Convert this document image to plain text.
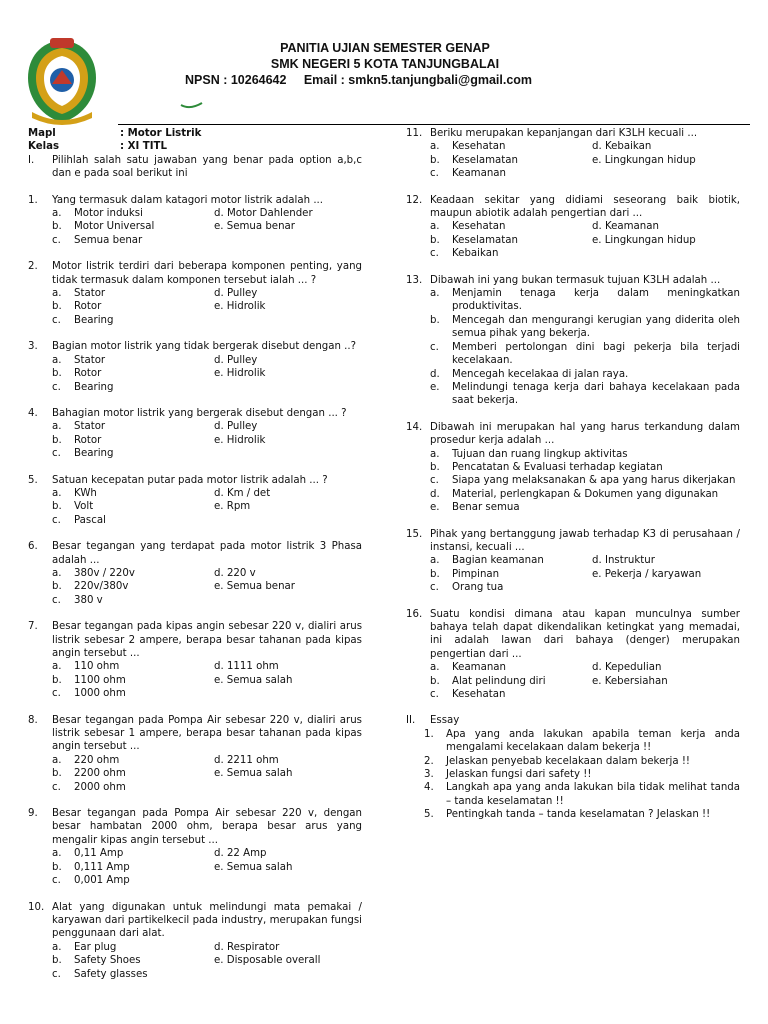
PANITIA UJIAN SEMESTER GENAP
SMK NEGERI 5 KOTA TANJUNGBALAI
NPSN : 10264642     Email : smkn5.tanjungbali@gmail.com
Mapl	: Motor Listrik
Kelas	: XI TITL
I.	Pilihlah salah satu jawaban yang benar pada option a,b,c dan e pada soal berikut ini
1.	Yang termasuk dalam katagori motor listrik adalah ...
a.	Motor induksi	d. Motor Dahlender
b.	Motor Universal	e. Semua benar
c.	Semua benar
2.	Motor listrik terdiri dari beberapa komponen penting, yang tidak termasuk dalam komponen tersebut ialah ... ?
a.	Stator	d. Pulley
b.	Rotor	e. Hidrolik
c.	Bearing
3.	Bagian motor listrik yang tidak bergerak disebut dengan ..?
a.	Stator	d. Pulley
b.	Rotor	e. Hidrolik
c.	Bearing
4.	Bahagian motor listrik yang bergerak disebut dengan ... ?
a.	Stator	d. Pulley
b.	Rotor	e. Hidrolik
c.	Bearing
5.	Satuan kecepatan putar pada motor listrik adalah ... ?
a.	KWh	d. Km / det
b.	Volt	e. Rpm
c.	Pascal
6.	Besar tegangan yang terdapat pada motor listrik 3 Phasa adalah ...
a.	380v / 220v	d. 220 v
b.	220v/380v	e. Semua benar
c.	380 v
7.	Besar tegangan pada kipas angin sebesar 220 v, dialiri arus listrik sebesar 2 ampere, berapa besar tahanan pada kipas angin tersebut ...
a.	110 ohm	d. 1111 ohm
b.	1100 ohm	e. Semua salah
c.	1000 ohm
8.	Besar tegangan pada Pompa Air sebesar 220 v, dialiri arus listrik sebesar 1 ampere, berapa besar tahanan pada kipas angin tersebut ...
a.	220 ohm	d. 2211 ohm
b.	2200 ohm	e. Semua salah
c.	2000 ohm
9.	Besar tegangan pada Pompa Air sebesar 220 v, dengan besar hambatan 2000 ohm, berapa besar arus yang mengalir kipas angin tersebut ...
a.	0,11 Amp	d. 22 Amp
b.	0,111 Amp	e. Semua salah
c.	0,001 Amp
10. Alat yang digunakan untuk melindungi mata pemakai / karyawan dari partikelkecil pada industry, merupakan fungsi penggunaan dari alat.
a.	Ear plug	d. Respirator
b.	Safety Shoes	e. Disposable overall
c.	Safety glasses
11. Beriku merupakan kepanjangan dari K3LH kecuali ...
a.	Kesehatan	d. Kebaikan
b.	Keselamatan	e. Lingkungan hidup
c.	Keamanan
12. Keadaan sekitar yang didiami seseorang baik biotik, maupun abiotik adalah pengertian dari ...
a.	Kesehatan	d. Keamanan
b.	Keselamatan	e. Lingkungan hidup
c.	Kebaikan
13. Dibawah ini yang bukan termasuk tujuan K3LH adalah ...
a.	Menjamin tenaga kerja dalam meningkatkan produktivitas.
b.	Mencegah dan mengurangi kerugian yang diderita oleh semua pihak yang bekerja.
c.	Memberi pertolongan dini bagi pekerja bila terjadi kecelakaan.
d.	Mencegah kecelakaa di jalan raya.
e.	Melindungi tenaga kerja dari bahaya kecelakaan pada saat bekerja.
14. Dibawah ini merupakan hal yang harus terkandung dalam prosedur kerja adalah ...
a.	Tujuan dan ruang lingkup aktivitas
b.	Pencatatan & Evaluasi terhadap kegiatan
c.	Siapa yang melaksanakan & apa yang harus dikerjakan
d.	Material, perlengkapan & Dokumen yang digunakan
e.	Benar semua
15. Pihak yang bertanggung jawab terhadap K3 di perusahaan / instansi, kecuali ...
a.	Bagian keamanan	d. Instruktur
b.	Pimpinan	e. Pekerja / karyawan
c.	Orang tua
16. Suatu kondisi dimana atau kapan munculnya sumber bahaya telah dapat dikendalikan ketingkat yang memadai, ini adalah lawan dari bahaya (denger) merupakan pengertian dari ...
a.	Keamanan	d. Kepedulian
b.	Alat pelindung diri	e. Kebersiahan
c.	Kesehatan
II.	Essay
1.	Apa yang anda lakukan apabila teman kerja anda mengalami kecelakaan dalam bekerja !!
2.	Jelaskan penyebab kecelakaan dalam bekerja !!
3.	Jelaskan fungsi dari safety !!
4.	Langkah apa yang anda lakukan bila tidak melihat tanda – tanda keselamatan !!
5.	Pentingkah tanda – tanda keselamatan ? Jelaskan !!
